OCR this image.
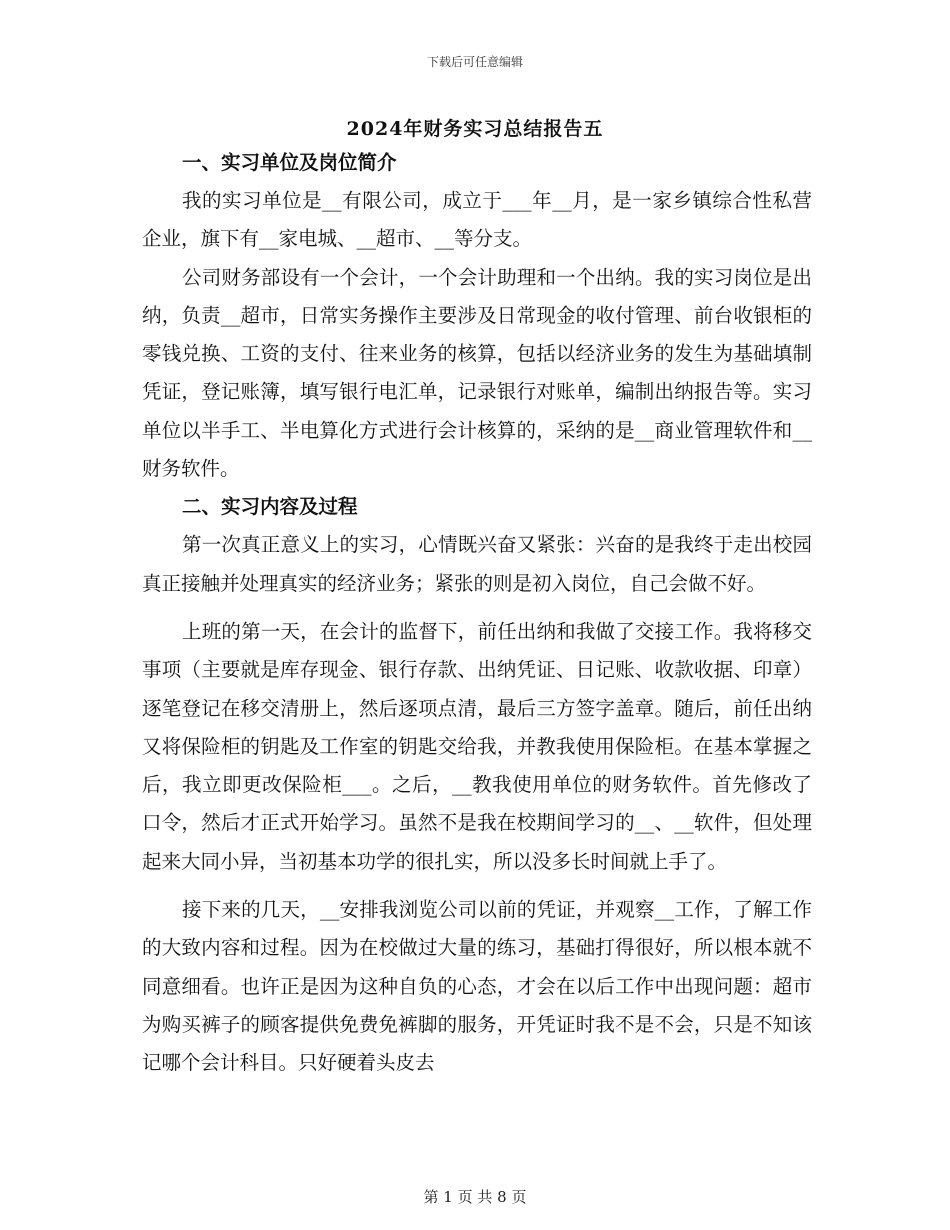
下载后可任意编辑
2024年财务实习总结报告五
一、实习单位及岗位简介

我的实习单位是__有限公司，成立于___年__月，是一家乡镇综合性私营企业，旗下有__家电城、__超市、__等分支。

公司财务部设有一个会计，一个会计助理和一个出纳。我的实习岗位是出纳，负责__超市，日常实务操作主要涉及日常现金的收付管理、前台收银柜的零钱兑换、工资的支付、往来业务的核算，包括以经济业务的发生为基础填制凭证，登记账簿，填写银行电汇单，记录银行对账单，编制出纳报告等。实习单位以半手工、半电算化方式进行会计核算的，采纳的是__商业管理软件和__财务软件。

二、实习内容及过程

第一次真正意义上的实习，心情既兴奋又紧张：兴奋的是我终于走出校园真正接触并处理真实的经济业务；紧张的则是初入岗位，自己会做不好。

上班的第一天，在会计的监督下，前任出纳和我做了交接工作。我将移交事项（主要就是库存现金、银行存款、出纳凭证、日记账、收款收据、印章）逐笔登记在移交清册上，然后逐项点清，最后三方签字盖章。随后，前任出纳又将保险柜的钥匙及工作室的钥匙交给我，并教我使用保险柜。在基本掌握之后，我立即更改保险柜___。之后，__教我使用单位的财务软件。首先修改了口令，然后才正式开始学习。虽然不是我在校期间学习的__、__软件，但处理起来大同小异，当初基本功学的很扎实，所以没多长时间就上手了。

接下来的几天，__安排我浏览公司以前的凭证，并观察__工作，了解工作的大致内容和过程。因为在校做过大量的练习，基础打得很好，所以根本就不同意细看。也许正是因为这种自负的心态，才会在以后工作中出现问题：超市为购买裤子的顾客提供免费免裤脚的服务，开凭证时我不是不会，只是不知该记哪个会计科目。只好硬着头皮去

第 1 页 共 8 页
